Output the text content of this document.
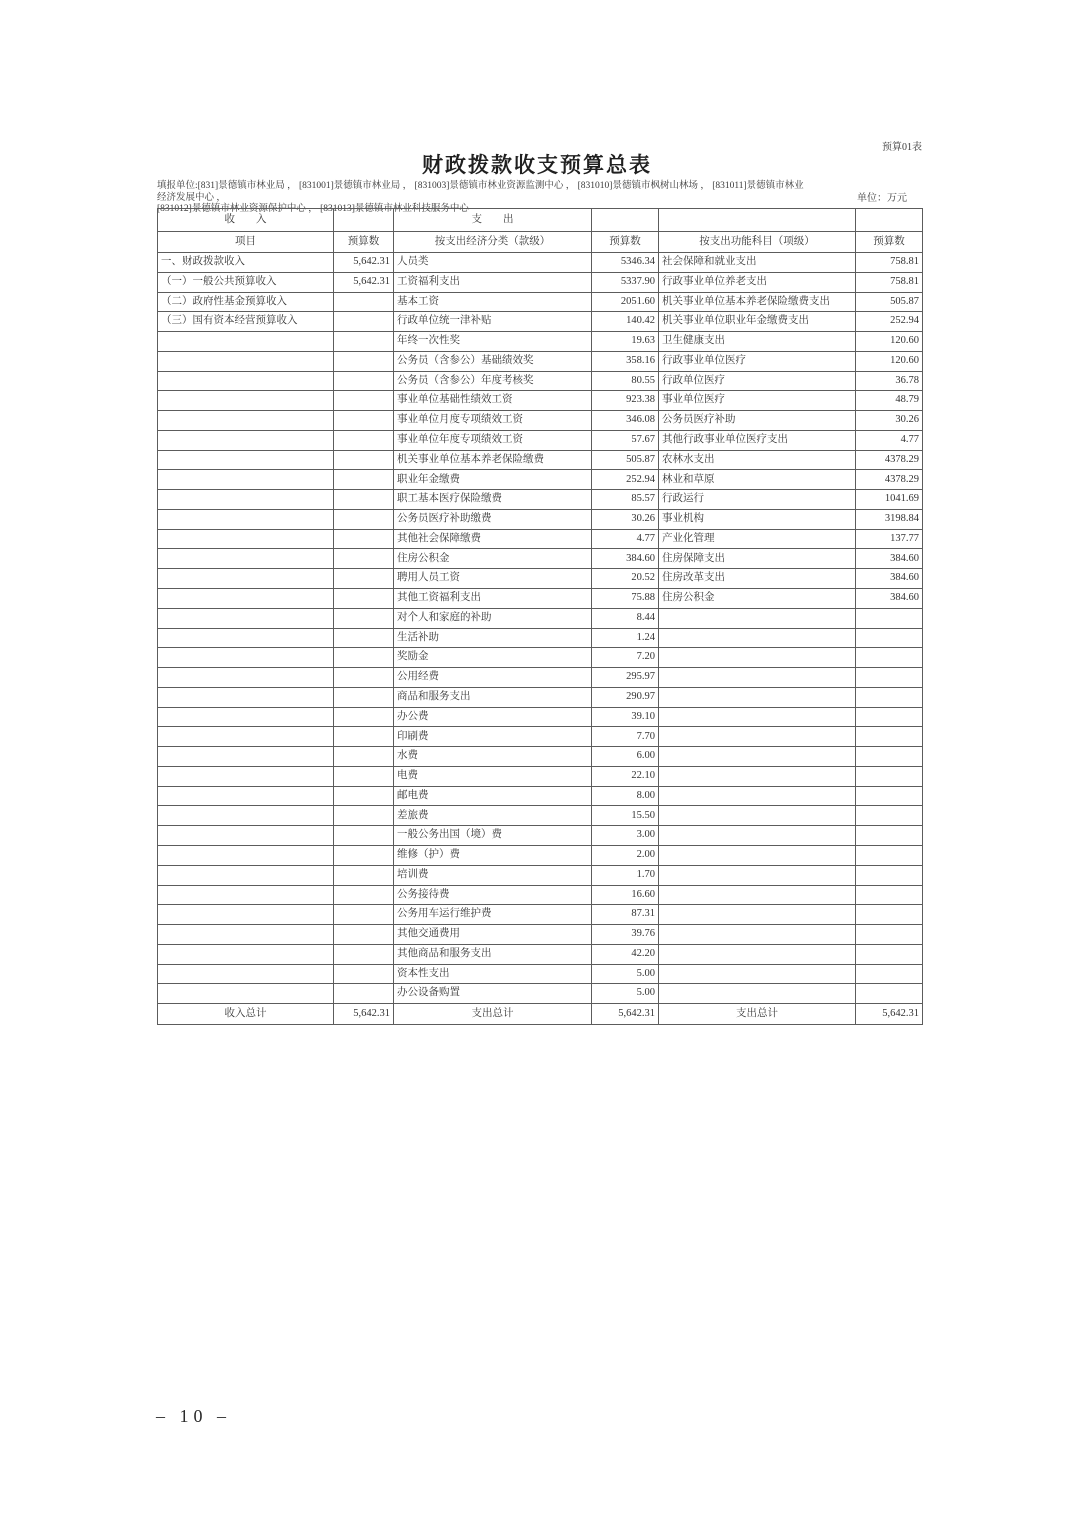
预算01表
财政拨款收支预算总表
填报单位:[831]景德镇市林业局 ， [831001]景德镇市林业局 ， [831003]景德镇市林业资源监测中心 ， [831010]景德镇市枫树山林场 ， [831011]景德镇市林业经济发展中心 ，
[831012]景德镇市林业资源保护中心 ， [831013]景德镇市林业科技服务中心
单位：万元
收　　入		支　　出			
项目	预算数	按支出经济分类（款级）	预算数	按支出功能科目（项级）	预算数
一、财政拨款收入	5,642.31	人员类	5346.34	社会保障和就业支出	758.81
（一）一般公共预算收入	5,642.31	工资福利支出	5337.90	行政事业单位养老支出	758.81
（二）政府性基金预算收入		基本工资	2051.60	机关事业单位基本养老保险缴费支出	505.87
（三）国有资本经营预算收入		行政单位统一津补贴	140.42	机关事业单位职业年金缴费支出	252.94
		年终一次性奖	19.63	卫生健康支出	120.60
		公务员（含参公）基础绩效奖	358.16	行政事业单位医疗	120.60
		公务员（含参公）年度考核奖	80.55	行政单位医疗	36.78
		事业单位基础性绩效工资	923.38	事业单位医疗	48.79
		事业单位月度专项绩效工资	346.08	公务员医疗补助	30.26
		事业单位年度专项绩效工资	57.67	其他行政事业单位医疗支出	4.77
		机关事业单位基本养老保险缴费	505.87	农林水支出	4378.29
		职业年金缴费	252.94	林业和草原	4378.29
		职工基本医疗保险缴费	85.57	行政运行	1041.69
		公务员医疗补助缴费	30.26	事业机构	3198.84
		其他社会保障缴费	4.77	产业化管理	137.77
		住房公积金	384.60	住房保障支出	384.60
		聘用人员工资	20.52	住房改革支出	384.60
		其他工资福利支出	75.88	住房公积金	384.60
		对个人和家庭的补助	8.44		
		生活补助	1.24		
		奖励金	7.20		
		公用经费	295.97		
		商品和服务支出	290.97		
		办公费	39.10		
		印刷费	7.70		
		水费	6.00		
		电费	22.10		
		邮电费	8.00		
		差旅费	15.50		
		一般公务出国（境）费	3.00		
		维修（护）费	2.00		
		培训费	1.70		
		公务接待费	16.60		
		公务用车运行维护费	87.31		
		其他交通费用	39.76		
		其他商品和服务支出	42.20		
		资本性支出	5.00		
		办公设备购置	5.00		
收入总计	5,642.31	支出总计	5,642.31	支出总计	5,642.31
– 10 –
